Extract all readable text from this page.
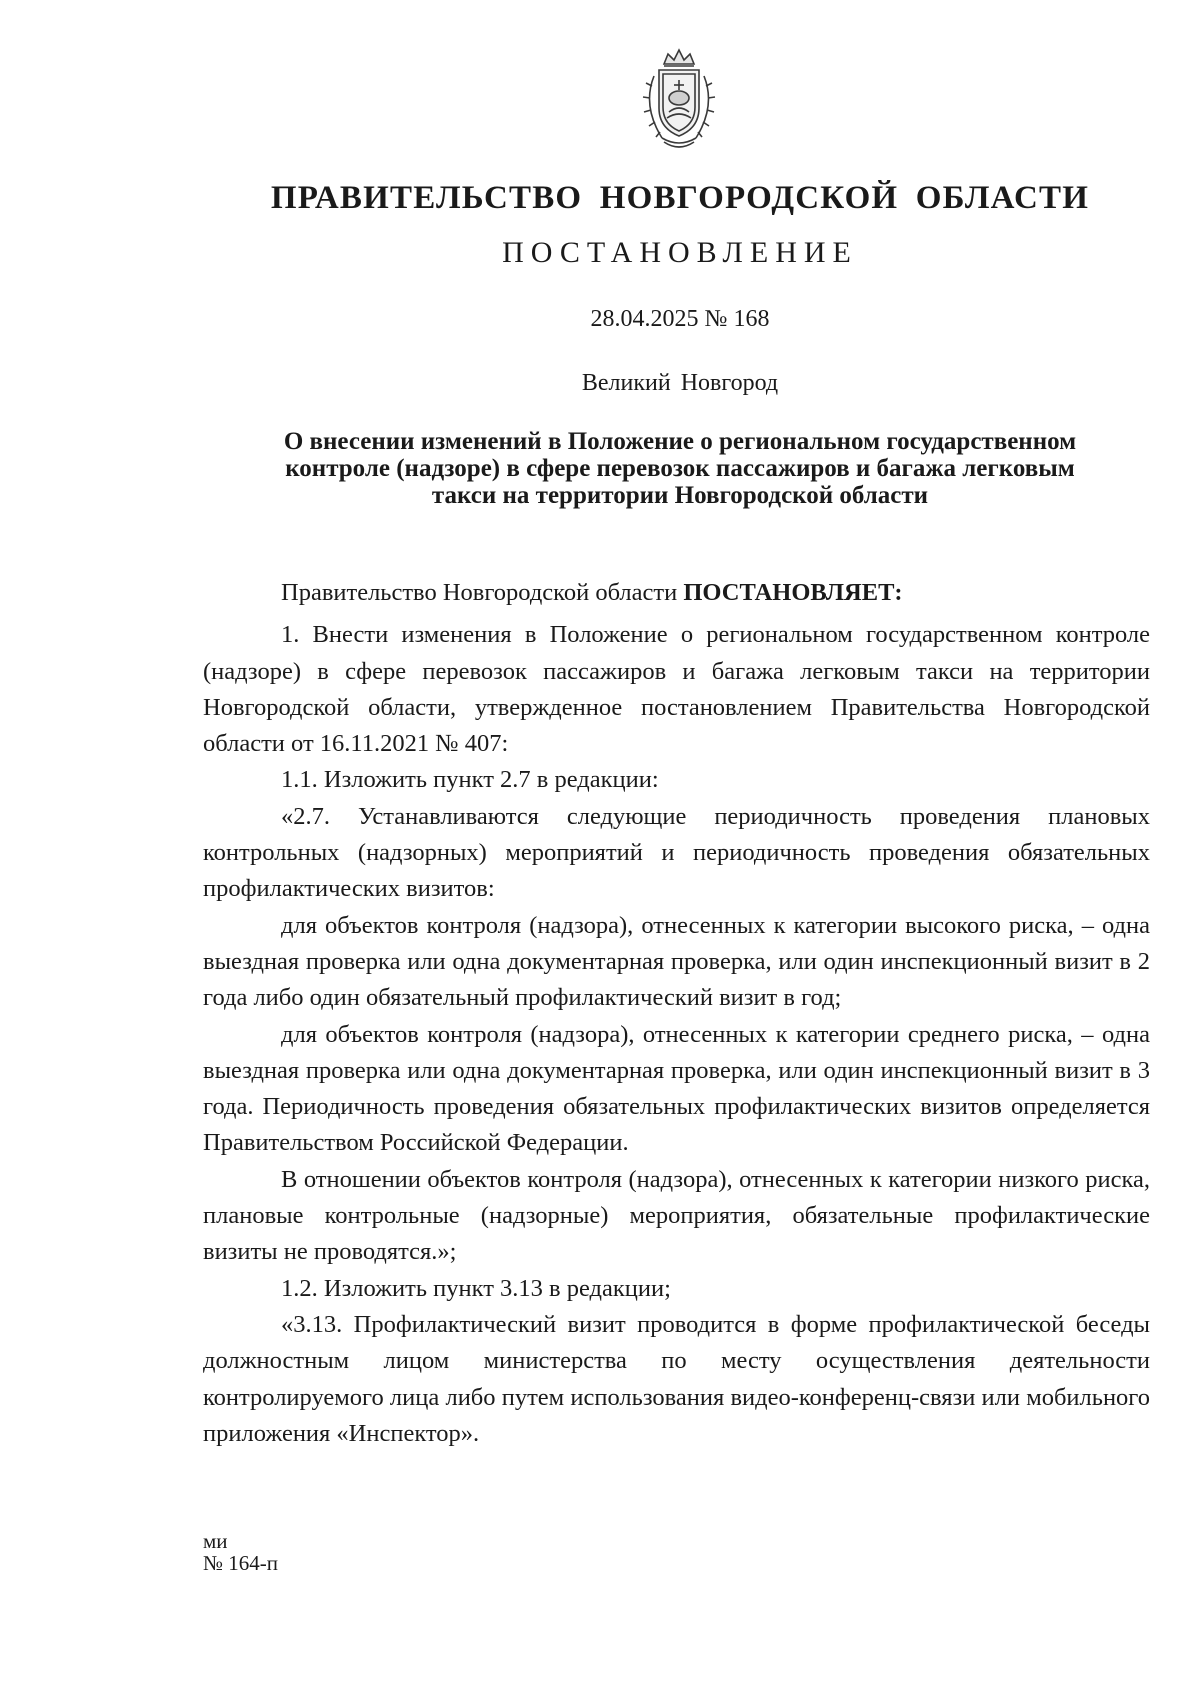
ПРАВИТЕЛЬСТВО НОВГОРОДСКОЙ ОБЛАСТИ
ПОСТАНОВЛЕНИЕ
28.04.2025 № 168
Великий Новгород
О внесении изменений в Положение о региональном государственном
контроле (надзоре) в сфере перевозок пассажиров и багажа легковым
такси на территории Новгородской области

Правительство Новгородской области ПОСТАНОВЛЯЕТ:

1. Внести изменения в Положение о региональном государственном контроле (надзоре) в сфере перевозок пассажиров и багажа легковым такси на территории Новгородской области, утвержденное постановлением Правительства Новгородской области от 16.11.2021 № 407:

1.1. Изложить пункт 2.7 в редакции:

«2.7. Устанавливаются следующие периодичность проведения плановых контрольных (надзорных) мероприятий и периодичность проведения обязательных профилактических визитов:

для объектов контроля (надзора), отнесенных к категории высокого риска, – одна выездная проверка или одна документарная проверка, или один инспекционный визит в 2 года либо один обязательный профилактический визит в год;

для объектов контроля (надзора), отнесенных к категории среднего риска, – одна выездная проверка или одна документарная проверка, или один инспекционный визит в 3 года. Периодичность проведения обязательных профилактических визитов определяется Правительством Российской Федерации.

В отношении объектов контроля (надзора), отнесенных к категории низкого риска, плановые контрольные (надзорные) мероприятия, обязательные профилактические визиты не проводятся.»;

1.2. Изложить пункт 3.13 в редакции;

«3.13. Профилактический визит проводится в форме профилактической беседы должностным лицом министерства по месту осуществления деятельности контролируемого лица либо путем использования видео-конференц-связи или мобильного приложения «Инспектор».

ми
№ 164-п
